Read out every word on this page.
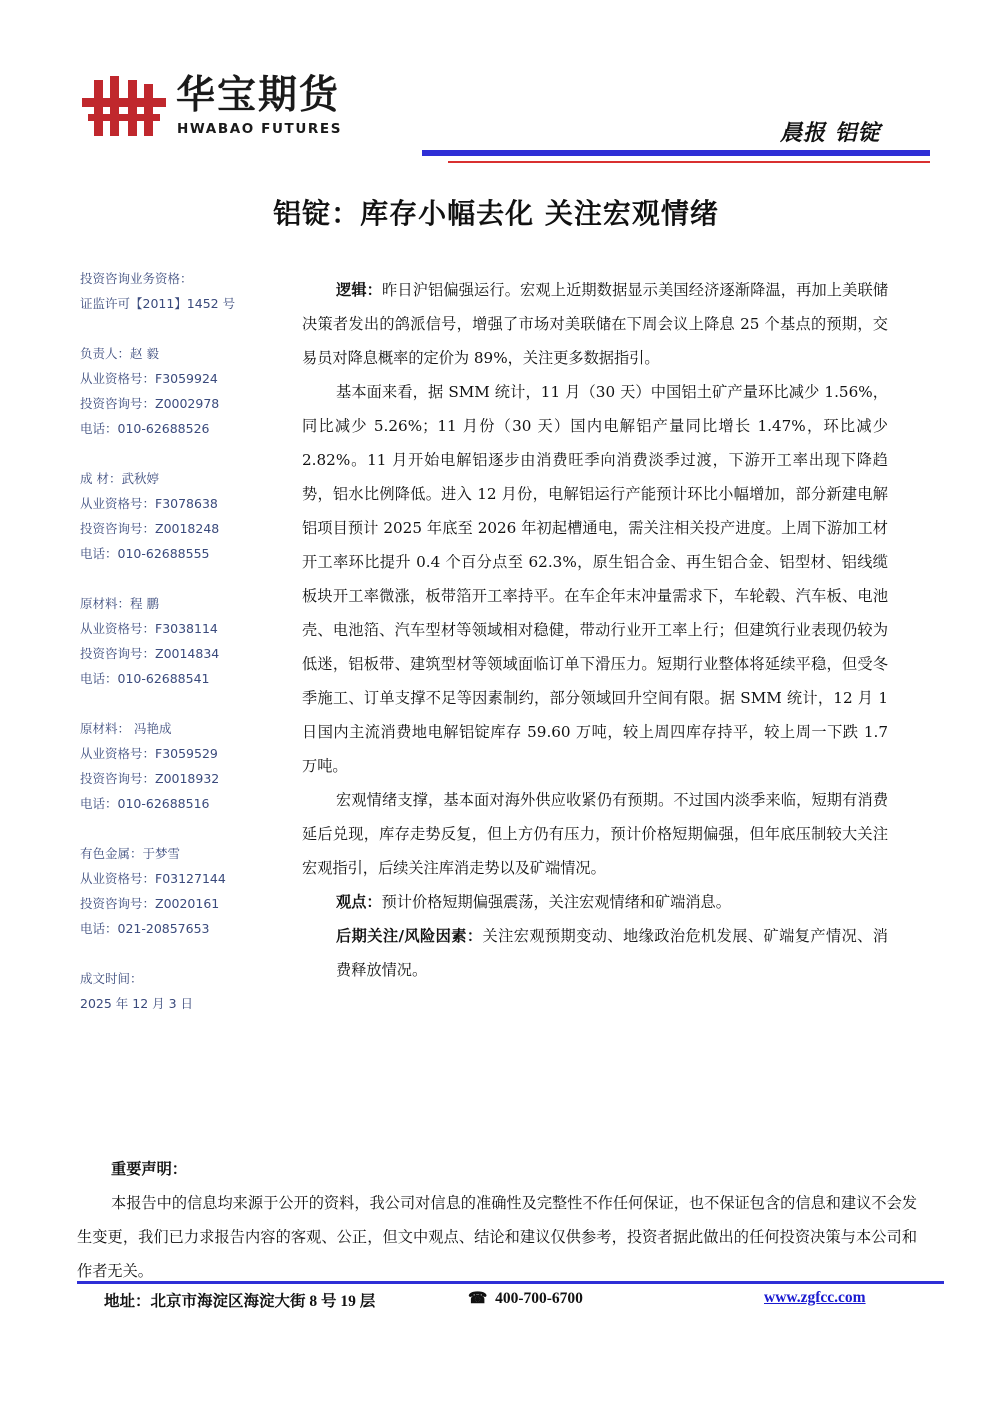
华宝期货
HWABAO FUTURES	晨报 铝锭
铝锭：库存小幅去化 关注宏观情绪
投资咨询业务资格：
证监许可【2011】1452 号
负责人：赵 毅
从业资格号：F3059924
投资咨询号：Z0002978
电话：010-62688526
成 材：武秋婷
从业资格号：F3078638
投资咨询号：Z0018248
电话：010-62688555
原材料：程 鹏
从业资格号：F3038114
投资咨询号：Z0014834
电话：010-62688541
原材料： 冯艳成
从业资格号：F3059529
投资咨询号：Z0018932
电话：010-62688516
有色金属：于梦雪
从业资格号：F03127144
投资咨询号：Z0020161
电话：021-20857653
成文时间：
2025 年 12 月 3 日

逻辑：昨日沪铝偏强运行。宏观上近期数据显示美国经济逐渐降温，再加上美联储决策者发出的鸽派信号，增强了市场对美联储在下周会议上降息 25 个基点的预期，交易员对降息概率的定价为 89%，关注更多数据指引。

基本面来看，据 SMM 统计，11 月（30 天）中国铝土矿产量环比减少 1.56%，同比减少 5.26%；11 月份（30 天）国内电解铝产量同比增长 1.47%，环比减少 2.82%。11 月开始电解铝逐步由消费旺季向消费淡季过渡，下游开工率出现下降趋势，铝水比例降低。进入 12 月份，电解铝运行产能预计环比小幅增加，部分新建电解铝项目预计 2025 年底至 2026 年初起槽通电，需关注相关投产进度。上周下游加工材开工率环比提升 0.4 个百分点至 62.3%，原生铝合金、再生铝合金、铝型材、铝线缆板块开工率微涨，板带箔开工率持平。在车企年末冲量需求下，车轮毂、汽车板、电池壳、电池箔、汽车型材等领域相对稳健，带动行业开工率上行；但建筑行业表现仍较为低迷，铝板带、建筑型材等领域面临订单下滑压力。短期行业整体将延续平稳，但受冬季施工、订单支撑不足等因素制约，部分领域回升空间有限。据 SMM 统计，12 月 1 日国内主流消费地电解铝锭库存 59.60 万吨，较上周四库存持平，较上周一下跌 1.7 万吨。

宏观情绪支撑，基本面对海外供应收紧仍有预期。不过国内淡季来临，短期有消费延后兑现，库存走势反复，但上方仍有压力，预计价格短期偏强，但年底压制较大关注宏观指引，后续关注库消走势以及矿端情况。

观点：预计价格短期偏强震荡，关注宏观情绪和矿端消息。

后期关注/风险因素：关注宏观预期变动、地缘政治危机发展、矿端复产情况、消费释放情况。
重要声明：
本报告中的信息均来源于公开的资料，我公司对信息的准确性及完整性不作任何保证，也不保证包含的信息和建议不会发生变更，我们已力求报告内容的客观、公正，但文中观点、结论和建议仅供参考，投资者据此做出的任何投资决策与本公司和作者无关。
地址：北京市海淀区海淀大街 8 号 19 层	☎ 400-700-6700	www.zgfcc.com
